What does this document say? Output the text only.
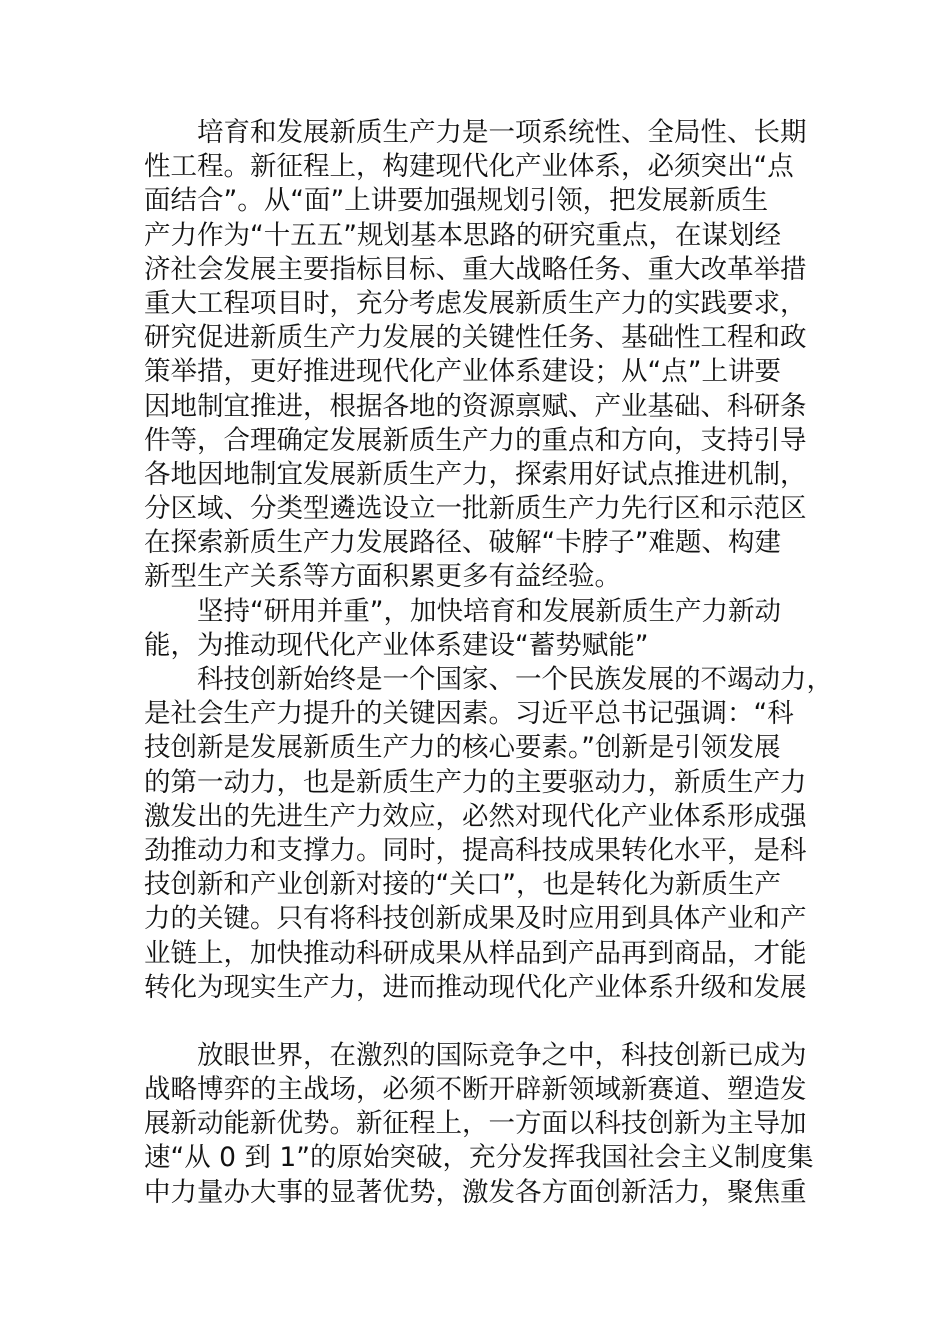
培育和发展新质生产力是一项系统性、全局性、长期
性工程。新征程上，构建现代化产业体系，必须突出“点
面结合”。从“面”上讲要加强规划引领，把发展新质生
产力作为“十五五”规划基本思路的研究重点，在谋划经
济社会发展主要指标目标、重大战略任务、重大改革举措
重大工程项目时，充分考虑发展新质生产力的实践要求，
研究促进新质生产力发展的关键性任务、基础性工程和政
策举措，更好推进现代化产业体系建设；从“点”上讲要
因地制宜推进，根据各地的资源禀赋、产业基础、科研条
件等，合理确定发展新质生产力的重点和方向，支持引导
各地因地制宜发展新质生产力，探索用好试点推进机制，
分区域、分类型遴选设立一批新质生产力先行区和示范区
在探索新质生产力发展路径、破解“卡脖子”难题、构建
新型生产关系等方面积累更多有益经验。
坚持“研用并重”，加快培育和发展新质生产力新动
能，为推动现代化产业体系建设“蓄势赋能”
科技创新始终是一个国家、一个民族发展的不竭动力，
是社会生产力提升的关键因素。习近平总书记强调：“科
技创新是发展新质生产力的核心要素。”创新是引领发展
的第一动力，也是新质生产力的主要驱动力，新质生产力
激发出的先进生产力效应，必然对现代化产业体系形成强
劲推动力和支撑力。同时，提高科技成果转化水平，是科
技创新和产业创新对接的“关口”，也是转化为新质生产
力的关键。只有将科技创新成果及时应用到具体产业和产
业链上，加快推动科研成果从样品到产品再到商品，才能
转化为现实生产力，进而推动现代化产业体系升级和发展
放眼世界，在激烈的国际竞争之中，科技创新已成为
战略博弈的主战场，必须不断开辟新领域新赛道、塑造发
展新动能新优势。新征程上，一方面以科技创新为主导加
速“从 0 到 1”的原始突破，充分发挥我国社会主义制度集
中力量办大事的显著优势，激发各方面创新活力，聚焦重
